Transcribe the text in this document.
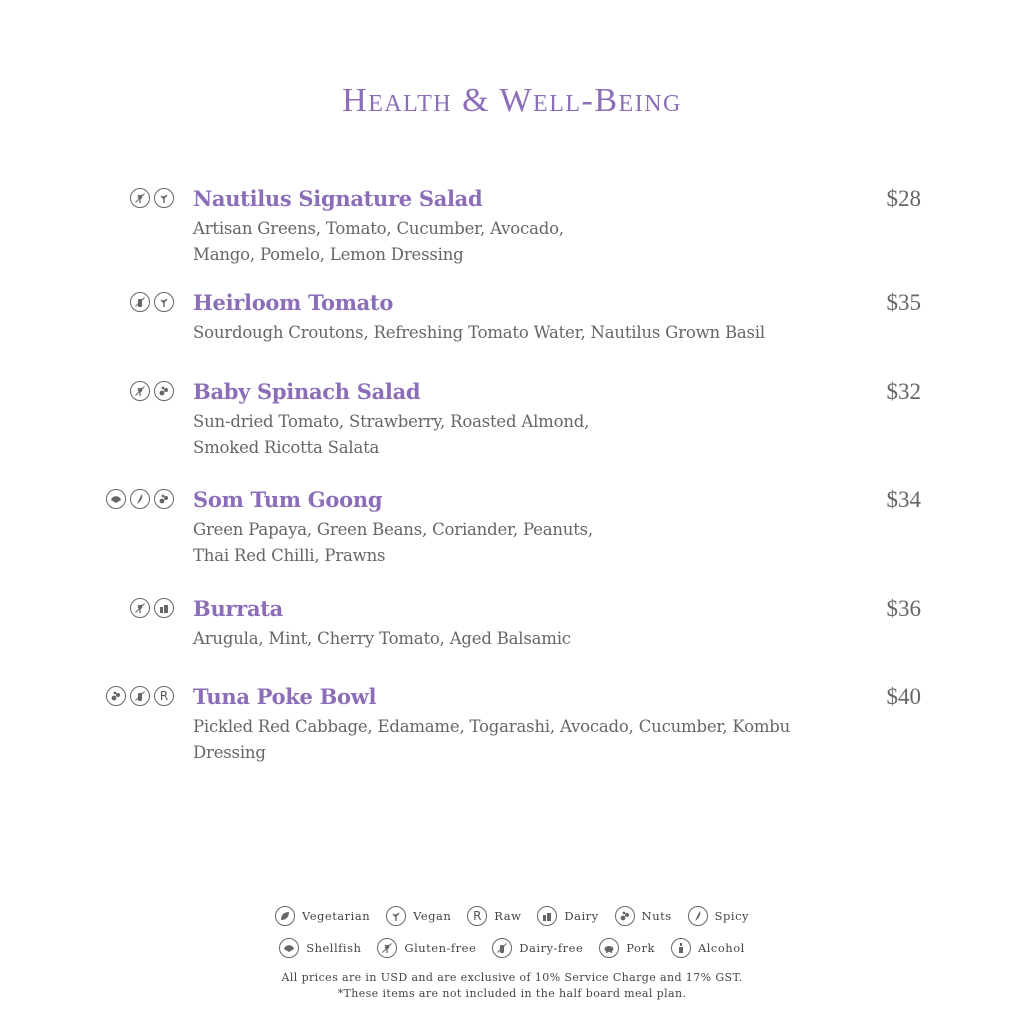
Health & Well-Being
Nautilus Signature Salad	$28
Artisan Greens, Tomato, Cucumber, Avocado,
Mango, Pomelo, Lemon Dressing
Heirloom Tomato	$35
Sourdough Croutons, Refreshing Tomato Water, Nautilus Grown Basil
Baby Spinach Salad	$32
Sun-dried Tomato, Strawberry, Roasted Almond,
Smoked Ricotta Salata
Som Tum Goong	$34
Green Papaya, Green Beans, Coriander, Peanuts,
Thai Red Chilli, Prawns
Burrata	$36
Arugula, Mint, Cherry Tomato, Aged Balsamic
R Tuna Poke Bowl	$40
Pickled Red Cabbage, Edamame, Togarashi, Avocado, Cucumber, Kombu
Dressing
Vegetarian	Vegan	R	Raw	Dairy	Nuts	Spicy
Shellfish	Gluten-free	Dairy-free	Pork	Alcohol
All prices are in USD and are exclusive of 10% Service Charge and 17% GST.
*These items are not included in the half board meal plan.
